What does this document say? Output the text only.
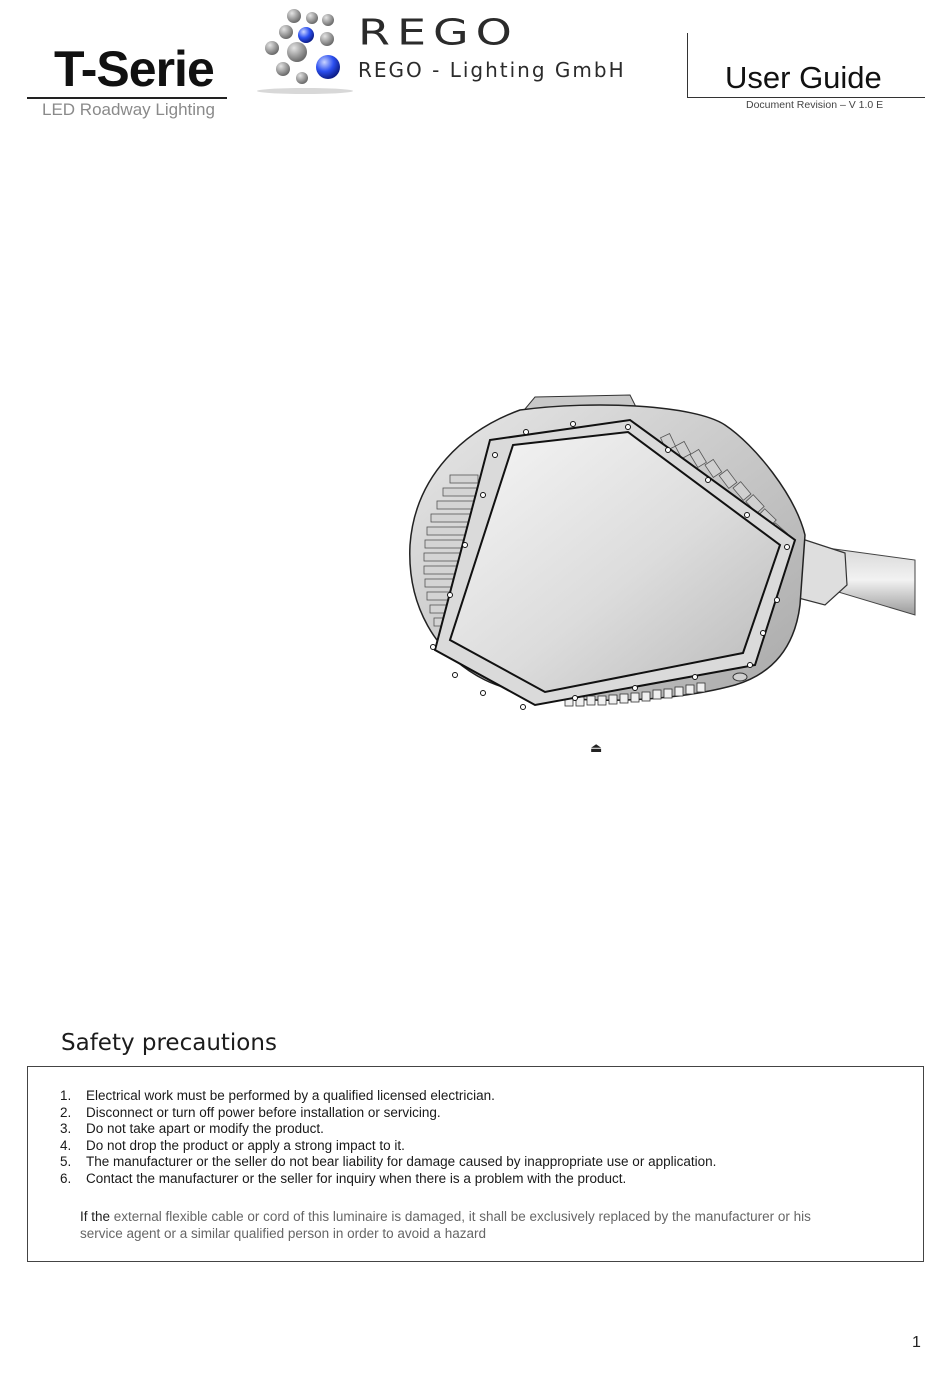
T-Serie
LED Roadway Lighting
REGO
REGO - Lighting GmbH	User Guide
Document Revision – V 1.0 E
⏏
Safety precautions
1. Electrical work must be performed by a qualified licensed electrician.
2. Disconnect or turn off power before installation or servicing.
3. Do not take apart or modify the product.
4. Do not drop the product or apply a strong impact to it.
5. The manufacturer or the seller do not bear liability for damage caused by inappropriate use or application.
6. Contact the manufacturer or the seller for inquiry when there is a problem with the product.
If the external flexible cable or cord of this luminaire is damaged, it shall be exclusively replaced by the manufacturer or his service agent or a similar qualified person in order to avoid a hazard
1
